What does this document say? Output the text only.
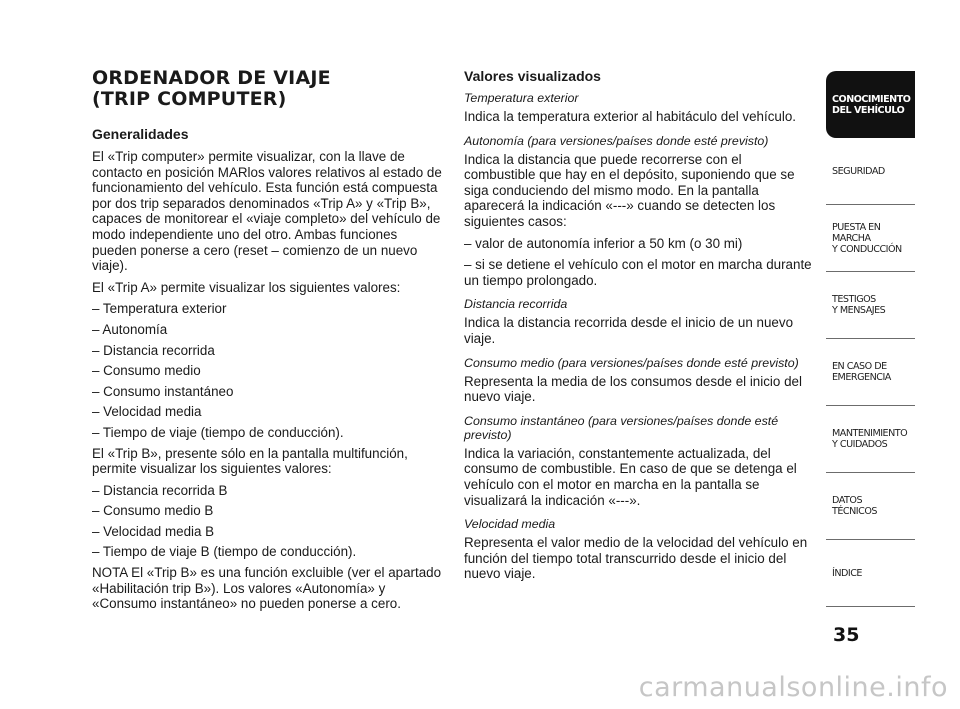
ORDENADOR DE VIAJE
(TRIP COMPUTER)
Generalidades

El «Trip computer» permite visualizar, con la llave de contacto en posición MARlos valores relativos al estado de funcionamiento del vehículo. Esta función está compuesta por dos trip separados denominados «Trip A» y «Trip B», capaces de monitorear el «viaje completo» del vehículo de modo independiente uno del otro. Ambas funciones pueden ponerse a cero (reset – comienzo de un nuevo viaje).

El «Trip A» permite visualizar los siguientes valores:

– Temperatura exterior

– Autonomía

– Distancia recorrida

– Consumo medio

– Consumo instantáneo

– Velocidad media

– Tiempo de viaje (tiempo de conducción).

El «Trip B», presente sólo en la pantalla multifunción, permite visualizar los siguientes valores:

– Distancia recorrida B

– Consumo medio B

– Velocidad media B

– Tiempo de viaje B (tiempo de conducción).

NOTA El «Trip B» es una función excluible (ver el apartado «Habilitación trip B»). Los valores «Autonomía» y «Consumo instantáneo» no pueden ponerse a cero.

Valores visualizados

Temperatura exterior

Indica la temperatura exterior al habitáculo del vehículo.

Autonomía (para versiones/países donde esté previsto)

Indica la distancia que puede recorrerse con el combustible que hay en el depósito, suponiendo que se siga conduciendo del mismo modo. En la pantalla aparecerá la indicación «---» cuando se detecten los siguientes casos:

– valor de autonomía inferior a 50 km (o 30 mi)

– si se detiene el vehículo con el motor en marcha durante un tiempo prolongado.

Distancia recorrida

Indica la distancia recorrida desde el inicio de un nuevo viaje.

Consumo medio (para versiones/países donde esté previsto)

Representa la media de los consumos desde el inicio del nuevo viaje.

Consumo instantáneo (para versiones/países donde esté previsto)

Indica la variación, constantemente actualizada, del consumo de combustible. En caso de que se detenga el vehículo con el motor en marcha en la pantalla se visualizará la indicación «---».

Velocidad media

Representa el valor medio de la velocidad del vehículo en función del tiempo total transcurrido desde el inicio del nuevo viaje.

CONOCIMIENTO
DEL VEHÍCULO
SEGURIDAD
PUESTA EN
MARCHA
Y CONDUCCIÓN
TESTIGOS
Y MENSAJES
EN CASO DE
EMERGENCIA
MANTENIMIENTO
Y CUIDADOS
DATOS
TÉCNICOS
ÍNDICE
35
carmanualsonline.info
